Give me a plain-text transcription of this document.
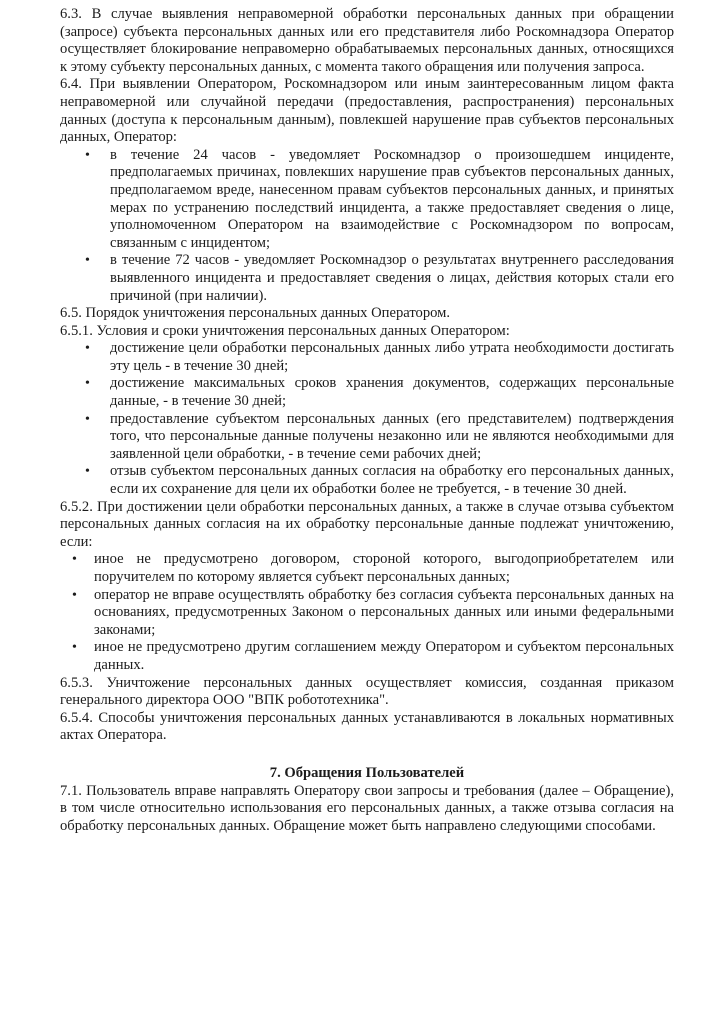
6.3. В случае выявления неправомерной обработки персональных данных при обращении (запросе) субъекта персональных данных или его представителя либо Роскомнадзора Оператор осуществляет блокирование неправомерно обрабатываемых персональных данных, относящихся к этому субъекту персональных данных, с момента такого обращения или получения запроса.

6.4. При выявлении Оператором, Роскомнадзором или иным заинтересованным лицом факта неправомерной или случайной передачи (предоставления, распространения) персональных данных (доступа к персональным данным), повлекшей нарушение прав субъектов персональных данных, Оператор:

• в течение 24 часов - уведомляет Роскомнадзор о произошедшем инциденте, предполагаемых причинах, повлекших нарушение прав субъектов персональных данных, предполагаемом вреде, нанесенном правам субъектов персональных данных, и принятых мерах по устранению последствий инцидента, а также предоставляет сведения о лице, уполномоченном Оператором на взаимодействие с Роскомнадзором по вопросам, связанным с инцидентом;
• в течение 72 часов - уведомляет Роскомнадзор о результатах внутреннего расследования выявленного инцидента и предоставляет сведения о лицах, действия которых стали его причиной (при наличии).

6.5. Порядок уничтожения персональных данных Оператором.

6.5.1. Условия и сроки уничтожения персональных данных Оператором:

• достижение цели обработки персональных данных либо утрата необходимости достигать эту цель - в течение 30 дней;
• достижение максимальных сроков хранения документов, содержащих персональные данные, - в течение 30 дней;
• предоставление субъектом персональных данных (его представителем) подтверждения того, что персональные данные получены незаконно или не являются необходимыми для заявленной цели обработки, - в течение семи рабочих дней;
• отзыв субъектом персональных данных согласия на обработку его персональных данных, если их сохранение для цели их обработки более не требуется, - в течение 30 дней.

6.5.2. При достижении цели обработки персональных данных, а также в случае отзыва субъектом персональных данных согласия на их обработку персональные данные подлежат уничтожению, если:

• иное не предусмотрено договором, стороной которого, выгодоприобретателем или поручителем по которому является субъект персональных данных;
• оператор не вправе осуществлять обработку без согласия субъекта персональных данных на основаниях, предусмотренных Законом о персональных данных или иными федеральными законами;
• иное не предусмотрено другим соглашением между Оператором и субъектом персональных данных.

6.5.3. Уничтожение персональных данных осуществляет комиссия, созданная приказом генерального директора ООО "ВПК робототехника".

6.5.4. Способы уничтожения персональных данных устанавливаются в локальных нормативных актах Оператора.

7. Обращения Пользователей

7.1. Пользователь вправе направлять Оператору свои запросы и требования (далее – Обращение), в том числе относительно использования его персональных данных, а также отзыва согласия на обработку персональных данных. Обращение может быть направлено следующими способами.
